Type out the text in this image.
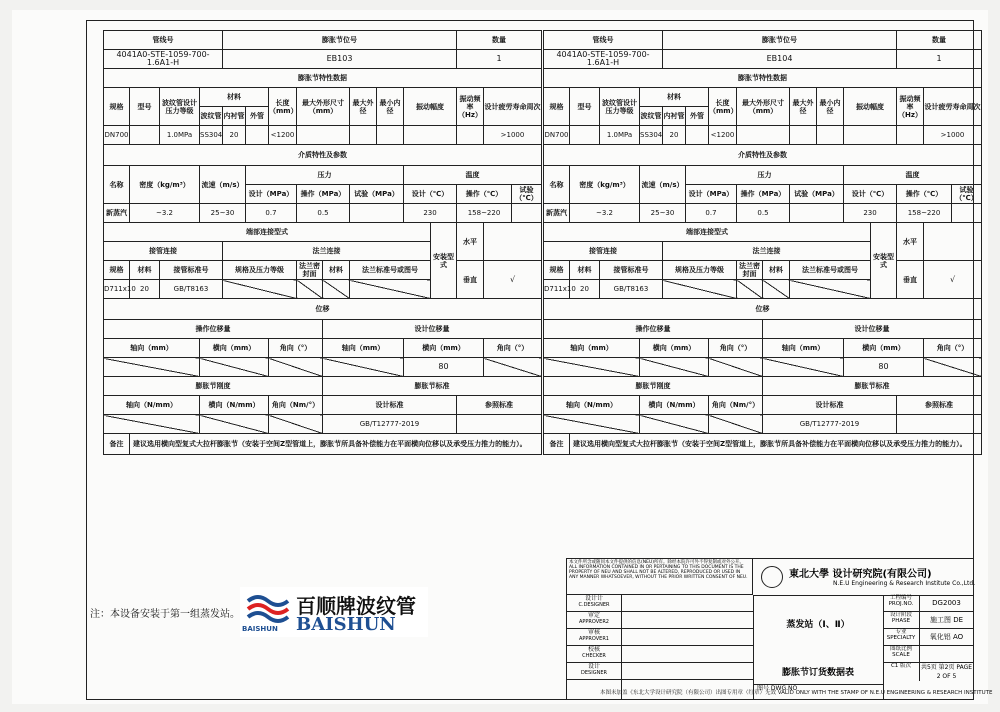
管线号				膨胀节位号									数量		
4041A0-STE-1059-700-1.6A1-H				EB103									1		
膨胀节特性数据															
规格	型号	波纹管设计压力等级	材料			长度（mm）	最大外形尺寸（mm）		最大外径	最小内径	振动幅度		振动频率（Hz）	设计疲劳寿命周次	
			波纹管	内衬管	外管										
DN700		1.0MPa	SS304	20		<1200								>1000	
介质特性及参数															
名称	密度（kg/m³）		流速（m/s）		压力						温度				
					设计（MPa）		操作（MPa）		试验（MPa）		设计（℃）		操作（℃）		试验（℃）
新蒸汽	~3.2		25~30		0.7		0.5				230		158~220		
端部连接型式												安装型式	水平		
接管连接				法兰连接											
规格	材料	接管标准号		规格及压力等级			法兰密封面	材料	法兰标准号或图号				垂直	√	
D711x10	20	GB/T8163													
位移															
操作位移量								设计位移量							
轴向（mm）			横向（mm）			角向（°）		轴向（mm）			横向（mm）			角向（°）	
											80				
膨胀节刚度								膨胀节标准							
轴向（N/mm）			横向（N/mm）			角向（Nm/°）		设计标准					参照标准		
								GB/T12777-2019							
备注	建议选用横向型复式大拉杆膨胀节（安装于空间Z型管道上，膨胀节所具备补偿能力在平面横向位移以及承受压力推力的能力）。														
管线号				膨胀节位号									数量		
4041A0-STE-1059-700-1.6A1-H				EB104									1		
膨胀节特性数据															
规格	型号	波纹管设计压力等级	材料			长度（mm）	最大外形尺寸（mm）		最大外径	最小内径	振动幅度		振动频率（Hz）	设计疲劳寿命周次	
			波纹管	内衬管	外管										
DN700		1.0MPa	SS304	20		<1200								>1000	
介质特性及参数															
名称	密度（kg/m³）		流速（m/s）		压力						温度				
					设计（MPa）		操作（MPa）		试验（MPa）		设计（℃）		操作（℃）		试验（℃）
新蒸汽	~3.2		25~30		0.7		0.5				230		158~220		
端部连接型式												安装型式	水平		
接管连接				法兰连接											
规格	材料	接管标准号		规格及压力等级			法兰密封面	材料	法兰标准号或图号				垂直	√	
D711x10	20	GB/T8163													
位移															
操作位移量								设计位移量							
轴向（mm）			横向（mm）			角向（°）		轴向（mm）			横向（mm）			角向（°）	
											80				
膨胀节刚度								膨胀节标准							
轴向（N/mm）			横向（N/mm）			角向（Nm/°）		设计标准					参照标准		
								GB/T12777-2019							
备注	建议选用横向型复式大拉杆膨胀节（安装于空间Z型管道上，膨胀节所具备补偿能力在平面横向位移以及承受压力推力的能力）。														
注：本设备安装于第一组蒸发站。
BAISHUN
百顺牌波纹管
BAISHUN
本文件所含或随同本文件提供的信息(NEU)所有。除经本院许可外不得复制或对外公开。ALL INFORMATION CONTAINED IN OR PERTAINING TO THIS DOCUMENT IS THE PROPERTY OF NEU AND SHALL NOT BE ALTERED, REPRODUCED OR USED IN ANY MANNER WHATSOEVER, WITHOUT THE PRIOR WRITTEN CONSENT OF NEU.	東北大學 设计研究院(有限公司)
N.E.U Engineering & Research Institute Co.,Ltd.
设计计
C.DESIGNER
审定
APPROVER2
审核
APPROVER1
校核
CHECKER
设计
DESIGNER
蒸发站（Ⅰ、Ⅱ）
膨胀节订货数据表
图号 DWG.NO
工程编号 PROJ.NO.	DG2003
设计阶段 PHASE	施工图 DE
专业 SPECIALTY	氧化铝 AO
图纸比例 SCALE
C1 版次	共5页 第2页 PAGE 2 OF 5
本图未加盖《东北大学设计研究院（有限公司）出图专用章（红章）无效 VALID ONLY WITH THE STAMP OF N.E.U ENGINEERING & RESEARCH INSTITUTE
